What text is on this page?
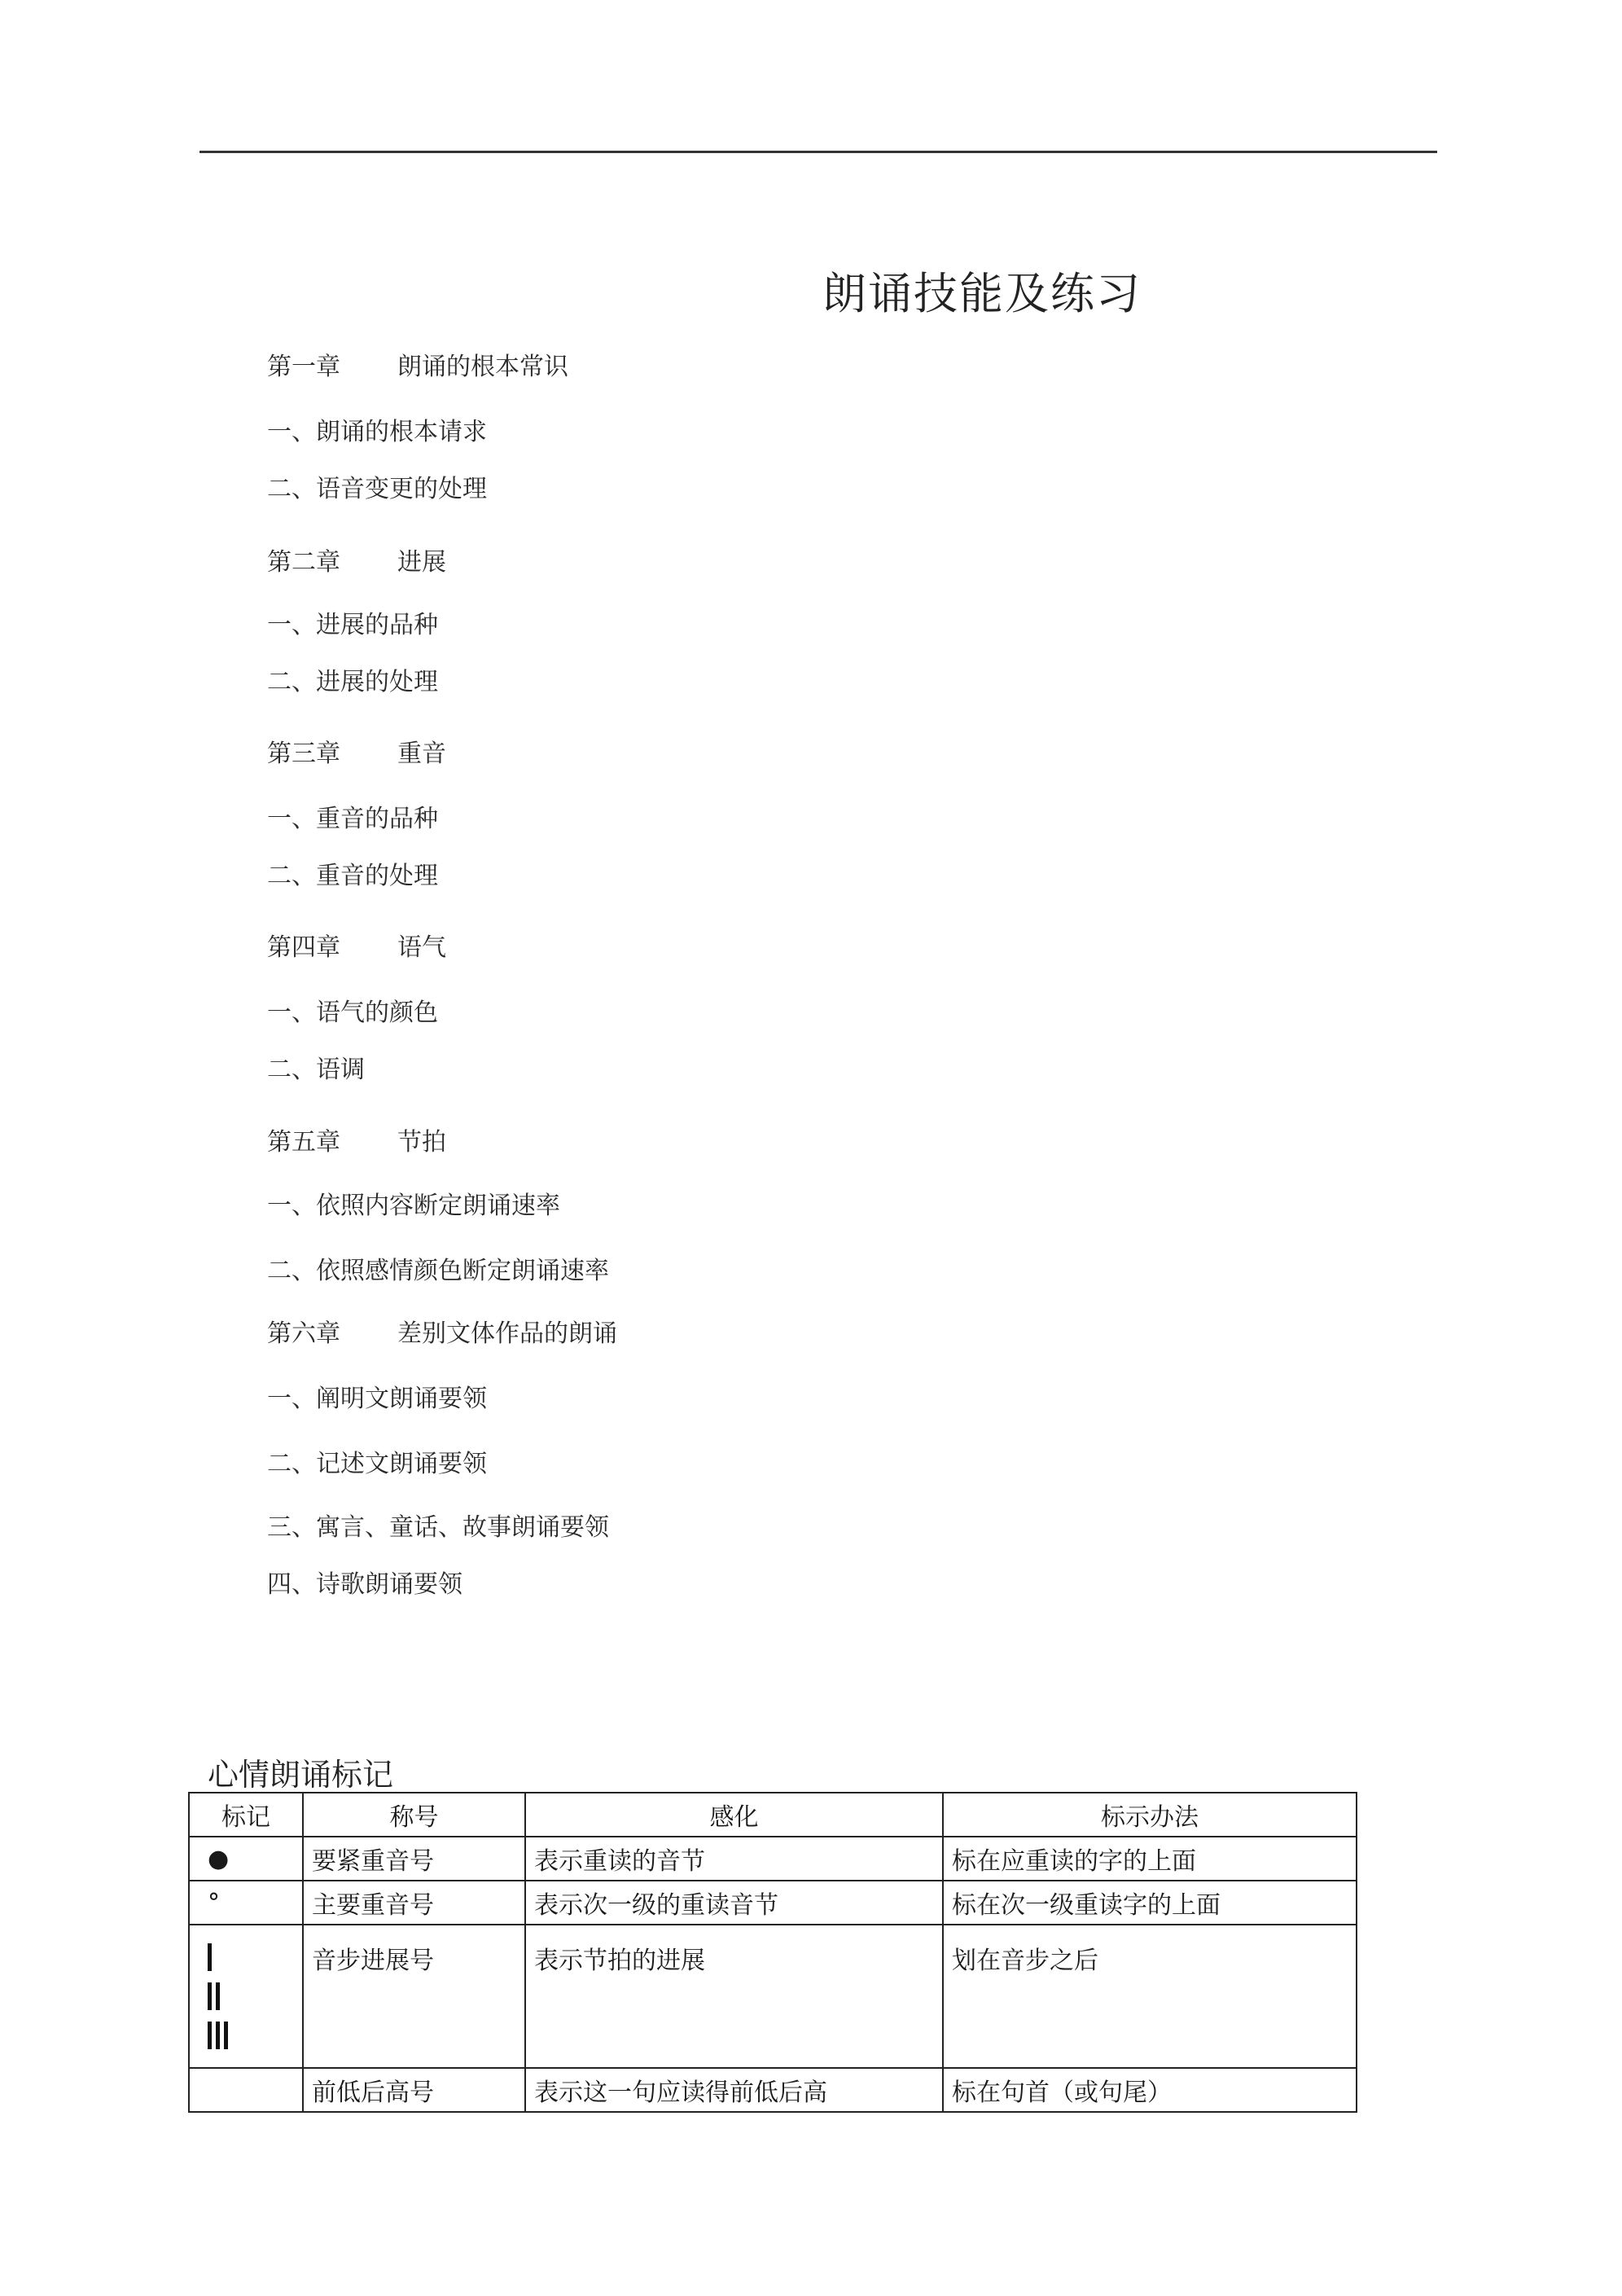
朗诵技能及练习
第一章 朗诵的根本常识
一、朗诵的根本请求
二、语音变更的处理
第二章 进展
一、进展的品种
二、进展的处理
第三章 重音
一、重音的品种
二、重音的处理
第四章 语气
一、语气的颜色
二、语调
第五章 节拍
一、依照内容断定朗诵速率
二、依照感情颜色断定朗诵速率
第六章 差别文体作品的朗诵
一、阐明文朗诵要领
二、记述文朗诵要领
三、寓言、童话、故事朗诵要领
四、诗歌朗诵要领
心情朗诵标记
标记	称号	感化	标示办法
●	要紧重音号	表示重读的音节	标在应重读的字的上面
°	主要重音号	表示次一级的重读音节	标在次一级重读字的上面

	音步进展号	表示节拍的进展	划在音步之后
	前低后高号	表示这一句应读得前低后高	标在句首（或句尾）
